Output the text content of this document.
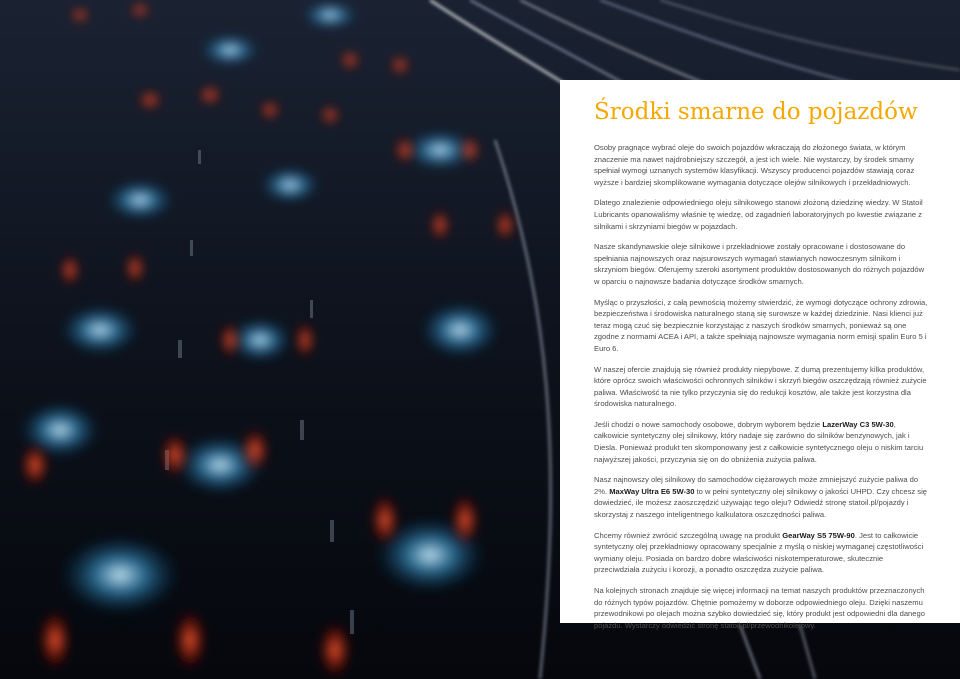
Środki smarne do pojazdów

Osoby pragnące wybrać oleje do swoich pojazdów wkraczają do złożonego świata, w którym znaczenie ma nawet najdrobniejszy szczegół, a jest ich wiele. Nie wystarczy, by środek smarny spełniał wymogi uznanych systemów klasyfikacji. Wszyscy producenci pojazdów stawiają coraz wyższe i bardziej skomplikowane wymagania dotyczące olejów silnikowych i przekładniowych.

Dlatego znalezienie odpowiedniego oleju silnikowego stanowi złożoną dziedzinę wiedzy. W Statoil Lubricants opanowaliśmy właśnie tę wiedzę, od zagadnień laboratoryjnych po kwestie związane z silnikami i skrzyniami biegów w pojazdach.

Nasze skandynawskie oleje silnikowe i przekładniowe zostały opracowane i dostosowane do spełniania najnowszych oraz najsurowszych wymagań stawianych nowoczesnym silnikom i skrzyniom biegów. Oferujemy szeroki asortyment produktów dostosowanych do różnych pojazdów w oparciu o najnowsze badania dotyczące środków smarnych.

Myśląc o przyszłości, z całą pewnością możemy stwierdzić, że wymogi dotyczące ochrony zdrowia, bezpieczeństwa i środowiska naturalnego staną się surowsze w każdej dziedzinie. Nasi klienci już teraz mogą czuć się bezpiecznie korzystając z naszych środków smarnych, ponieważ są one zgodne z normami ACEA i API, a także spełniają najnowsze wymagania norm emisji spalin Euro 5 i Euro 6.

W naszej ofercie znajdują się również produkty niepybowe. Z dumą prezentujemy kilka produktów, które oprócz swoich właściwości ochronnych silników i skrzyń biegów oszczędzają również zużycie paliwa. Właściwość ta nie tylko przyczynia się do redukcji kosztów, ale także jest korzystna dla środowiska naturalnego.

Jeśli chodzi o nowe samochody osobowe, dobrym wyborem będzie LazerWay C3 5W-30, całkowicie syntetyczny olej silnikowy, który nadaje się zarówno do silników benzynowych, jak i Diesla. Ponieważ produkt ten skomponowany jest z całkowicie syntetycznego oleju o niskim tarciu najwyższej jakości, przyczynia się on do obniżenia zużycia paliwa.

Nasz najnowszy olej silnikowy do samochodów ciężarowych może zmniejszyć zużycie paliwa do 2%. MaxWay Ultra E6 5W-30 to w pełni syntetyczny olej silnikowy o jakości UHPD. Czy chcesz się dowiedzieć, ile możesz zaoszczędzić używając tego oleju? Odwiedź stronę statoil.pl/pojazdy i skorzystaj z naszego inteligentnego kalkulatora oszczędności paliwa.

Chcemy również zwrócić szczególną uwagę na produkt GearWay S5 75W-90. Jest to całkowicie syntetyczny olej przekładniowy opracowany specjalnie z myślą o niskiej wymaganej częstotliwości wymiany oleju. Posiada on bardzo dobre właściwości niskotemperaturowe, skutecznie przeciwdziała zużyciu i korozji, a ponadto oszczędza zużycie paliwa.

Na kolejnych stronach znajduje się więcej informacji na temat naszych produktów przeznaczonych do różnych typów pojazdów. Chętnie pomożemy w doborze odpowiedniego oleju. Dzięki naszemu przewodnikowi po olejach można szybko dowiedzieć się, który produkt jest odpowiedni dla danego pojazdu. Wystarczy odwiedzić stronę statoil.pl/przewodnikolejowy.
